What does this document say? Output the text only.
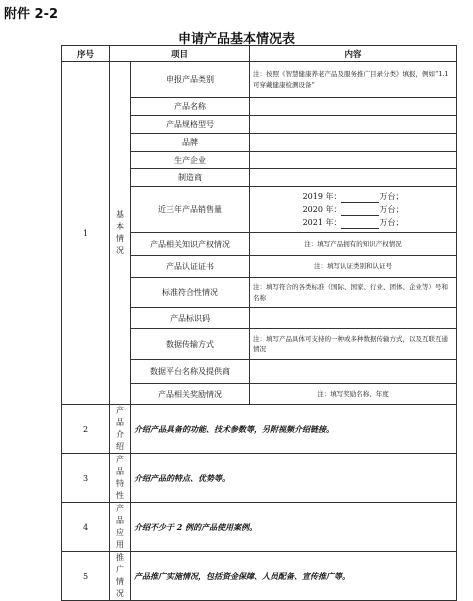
附件 2-2
申请产品基本情况表
序号	项目		内容
1	基本情况	申报产品类别	注：按照《智慧健康养老产品及服务推广目录分类》填报，例如“1.1 可穿戴健康检测设备”
		产品名称	
		产品规格型号	
		品牌	
		生产企业	
		制造商	
		近三年产品销售量	2019 年： 万台；
2020 年： 万台；
2021 年： 万台；

		产品相关知识产权情况	注：填写产品拥有的知识产权情况
		产品认证证书	注：填写认证类别和认证号
		标准符合性情况	注：填写符合的各类标准（国际、国家、行业、团体、企业等）号和名称
		产品标识码	
		数据传输方式	注：填写产品具体可支持的一种或多种数据传输方式，以及互联互通情况
		数据平台名称及提供商	
		产品相关奖励情况	注：填写奖励名称、年度
2	产品介绍	介绍产品具备的功能、技术参数等，另附视频介绍链接。	
3	产品特性	介绍产品的特点、优势等。	
4	产品应用	介绍不少于 2 例的产品使用案例。	
5	推广情况	产品推广实施情况，包括资金保障、人员配备、宣传推广等。	
